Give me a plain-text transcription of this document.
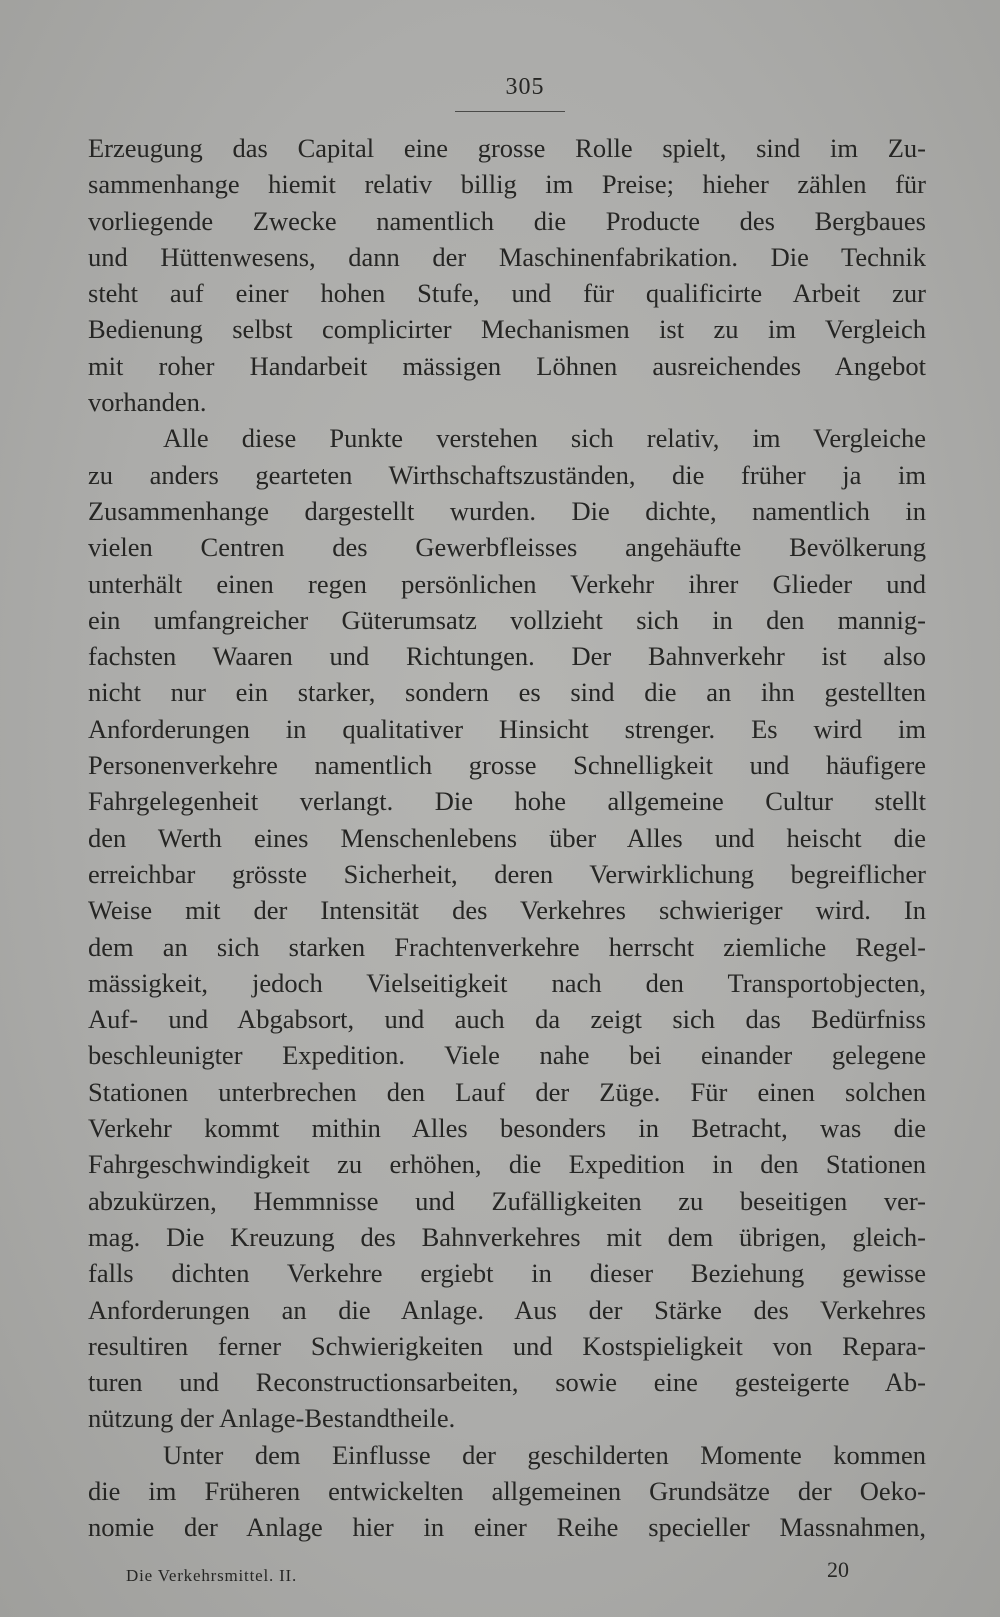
305
Erzeugung das Capital eine grosse Rolle spielt, sind im Zu-
sammenhange hiemit relativ billig im Preise; hieher zählen für
vorliegende Zwecke namentlich die Producte des Bergbaues
und Hüttenwesens, dann der Maschinenfabrikation. Die Technik
steht auf einer hohen Stufe, und für qualificirte Arbeit zur
Bedienung selbst complicirter Mechanismen ist zu im Vergleich
mit roher Handarbeit mässigen Löhnen ausreichendes Angebot
vorhanden.
Alle diese Punkte verstehen sich relativ, im Vergleiche
zu anders gearteten Wirthschaftszuständen, die früher ja im
Zusammenhange dargestellt wurden. Die dichte, namentlich in
vielen Centren des Gewerbfleisses angehäufte Bevölkerung
unterhält einen regen persönlichen Verkehr ihrer Glieder und
ein umfangreicher Güterumsatz vollzieht sich in den mannig-
fachsten Waaren und Richtungen. Der Bahnverkehr ist also
nicht nur ein starker, sondern es sind die an ihn gestellten
Anforderungen in qualitativer Hinsicht strenger. Es wird im
Personenverkehre namentlich grosse Schnelligkeit und häufigere
Fahrgelegenheit verlangt. Die hohe allgemeine Cultur stellt
den Werth eines Menschenlebens über Alles und heischt die
erreichbar grösste Sicherheit, deren Verwirklichung begreiflicher
Weise mit der Intensität des Verkehres schwieriger wird. In
dem an sich starken Frachtenverkehre herrscht ziemliche Regel-
mässigkeit, jedoch Vielseitigkeit nach den Transportobjecten,
Auf- und Abgabsort, und auch da zeigt sich das Bedürfniss
beschleunigter Expedition. Viele nahe bei einander gelegene
Stationen unterbrechen den Lauf der Züge. Für einen solchen
Verkehr kommt mithin Alles besonders in Betracht, was die
Fahrgeschwindigkeit zu erhöhen, die Expedition in den Stationen
abzukürzen, Hemmnisse und Zufälligkeiten zu beseitigen ver-
mag. Die Kreuzung des Bahnverkehres mit dem übrigen, gleich-
falls dichten Verkehre ergiebt in dieser Beziehung gewisse
Anforderungen an die Anlage. Aus der Stärke des Verkehres
resultiren ferner Schwierigkeiten und Kostspieligkeit von Repara-
turen und Reconstructionsarbeiten, sowie eine gesteigerte Ab-
nützung der Anlage-Bestandtheile.
Unter dem Einflusse der geschilderten Momente kommen
die im Früheren entwickelten allgemeinen Grundsätze der Oeko-
nomie der Anlage hier in einer Reihe specieller Massnahmen,
Die Verkehrsmittel. II.	20
